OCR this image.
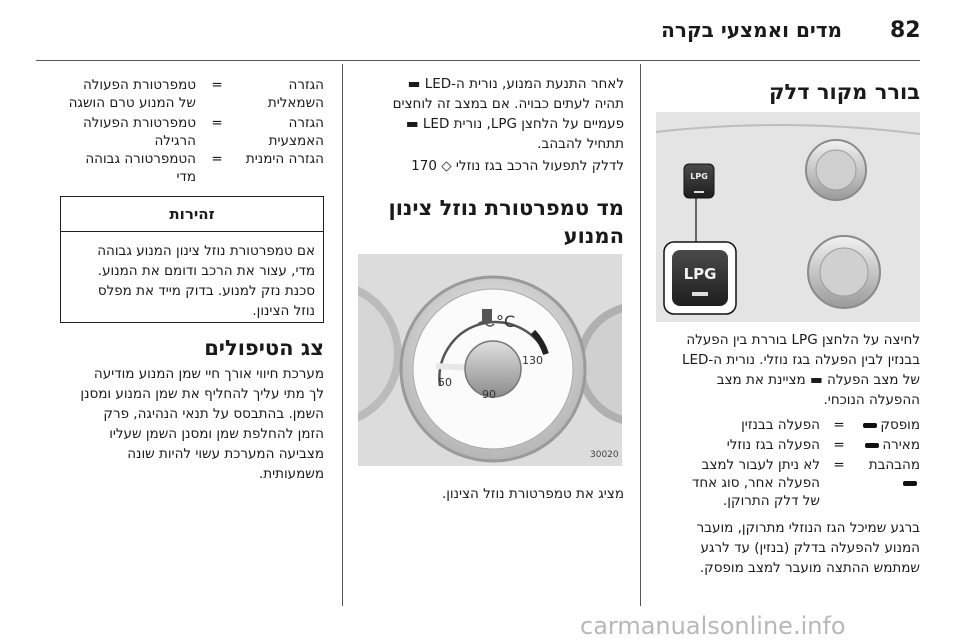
82
מדים ואמצעי בקרה
בורר מקור דלק
LPG
LPG
לחיצה על הלחצן LPG בוררת בין הפעלה
בבנזין לבין הפעלה בגז נוזלי. נורית ה-LED
של מצב הפעלה ▬ מציינת את מצב
ההפעלה הנוכחי.
מופסק
=
הפעלה בבנזין
מאירה
=
הפעלה בגז נוזלי
מהבהבת
=
לא ניתן לעבור למצב
הפעלה אחר, סוג אחד
של דלק התרוקן.
ברגע שמיכל הגז הנוזלי מתרוקן, מועבר
המנוע להפעלה בדלק (בנזין) עד לרגע
שמתמש ההתצה מועבר למצב מופסק.
לאחר התנעת המנוע, נורית ה-LED ▬
תהיה לעתים כבויה. אם במצב זה לוחצים
פעמיים על הלחצן LPG, נורית LED ▬
תתחיל להבהב.
לדלק לתפעול הרכב בגז נוזלי ◇ 170
מד טמפרטורת נוזל צינון
המנוע
°C
50
90
130
30020
מציג את טמפרטורת נוזל הצינון.
הגזרה
השמאלית
=
טמפרטורת הפעולה
של המנוע טרם הושגה
הגזרה
האמצעית
=
טמפרטורת הפעולה
הרגילה
הגזרה הימנית
=
הטמפרטורה גבוהה
מדי
זהירות
אם טמפרטורת נוזל צינון המנוע גבוהה
מדי, עצור את הרכב ודומם את המנוע.
סכנת נזק למנוע. בדוק מייד את מפלס
נוזל הצינון.
צג הטיפולים
מערכת חיווי אורך חיי שמן המנוע מודיעה
לך מתי עליך להחליף את שמן המנוע ומסנן
השמן. בהתבסס על תנאי הנהיגה, פרק
הזמן להחלפת שמן ומסנן השמן שעליו
מצביעה המערכת עשוי להיות שונה
משמעותית.
carmanualsonline.info
